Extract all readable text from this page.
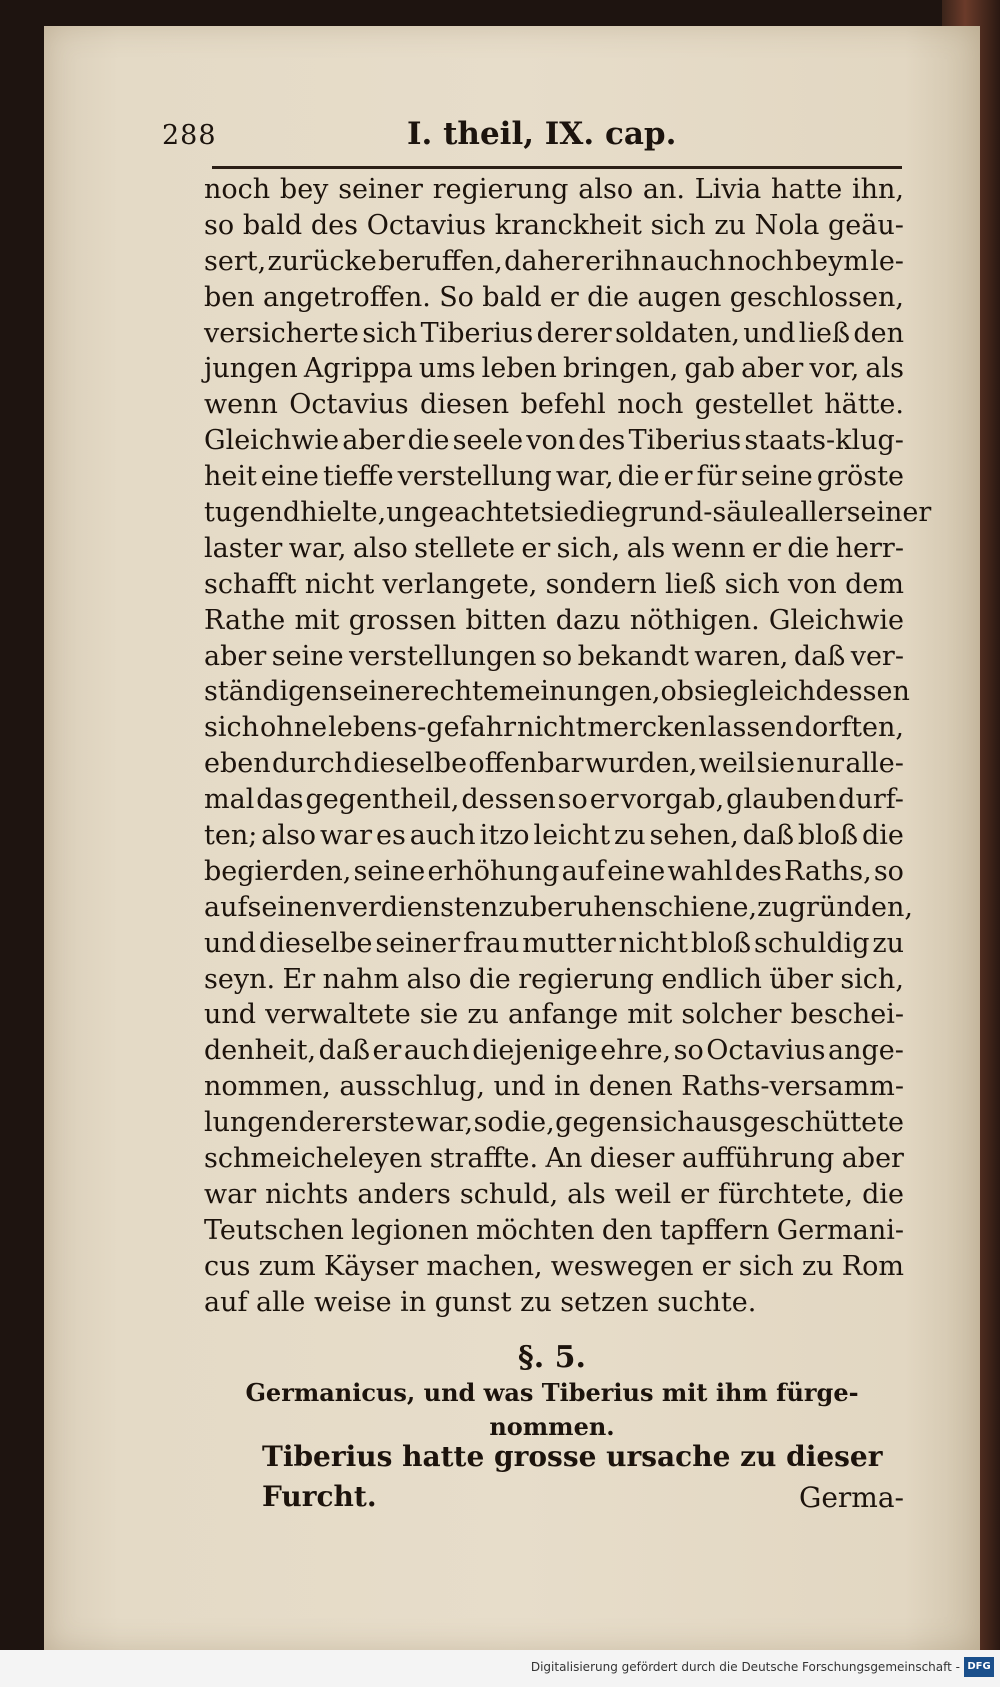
288	I. theil, IX. cap.
noch bey seiner regierung also an. Livia hatte ihn,
so bald des Octavius kranckheit sich zu Nola geäu-
sert, zurücke beruffen, daher er ihn auch noch beym le-
ben angetroffen. So bald er die augen geschlossen,
versicherte sich Tiberius derer soldaten, und ließ den
jungen Agrippa ums leben bringen, gab aber vor, als
wenn Octavius diesen befehl noch gestellet hätte.
Gleichwie aber die seele von des Tiberius staats-klug-
heit eine tieffe verstellung war, die er für seine gröste
tugend hielte, ungeachtet sie die grund-säule aller seiner
laster war, also stellete er sich, als wenn er die herr-
schafft nicht verlangete, sondern ließ sich von dem
Rathe mit grossen bitten dazu nöthigen. Gleichwie
aber seine verstellungen so bekandt waren, daß ver-
ständigen seine rechte meinungen, ob sie gleich dessen
sich ohne lebens-gefahr nicht mercken lassen dorften,
eben durch dieselbe offenbar wurden, weil sie nur alle-
mal das gegentheil, dessen so er vorgab, glauben durf-
ten; also war es auch itzo leicht zu sehen, daß bloß die
begierden, seine erhöhung auf eine wahl des Raths, so
auf seinen verdiensten zu beruhen schiene, zu gründen,
und dieselbe seiner frau mutter nicht bloß schuldig zu
seyn. Er nahm also die regierung endlich über sich,
und verwaltete sie zu anfange mit solcher beschei-
denheit, daß er auch diejenige ehre, so Octavius ange-
nommen, ausschlug, und in denen Raths-versamm-
lungen der erste war, so die, gegen sich ausgeschüttete
schmeicheleyen straffte. An dieser aufführung aber
war nichts anders schuld, als weil er fürchtete, die
Teutschen legionen möchten den tapffern Germani-
cus zum Käyser machen, weswegen er sich zu Rom
auf alle weise in gunst zu setzen suchte.
§. 5.
Germanicus, und was Tiberius mit ihm fürge-
nommen.
Tiberius hatte grosse ursache zu dieser Furcht.	Germa-
Digitalisierung gefördert durch die Deutsche Forschungsgemeinschaft - DFG
